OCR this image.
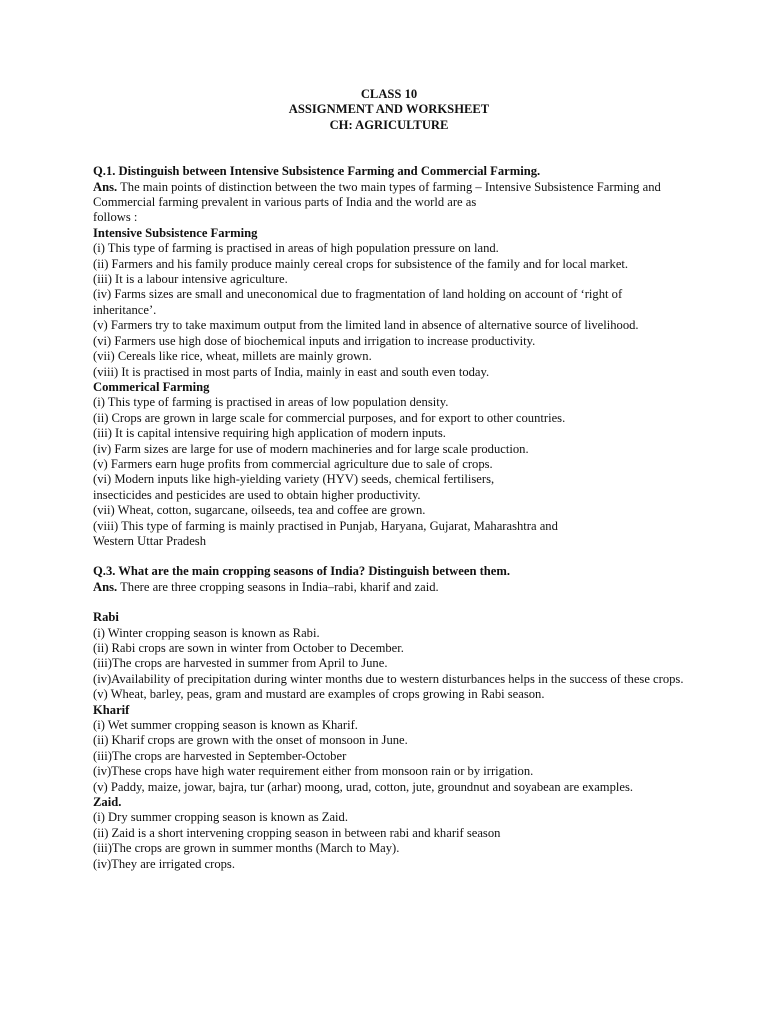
CLASS 10
ASSIGNMENT AND WORKSHEET
CH: AGRICULTURE
Q.1. Distinguish between Intensive Subsistence Farming and Commercial Farming.
Ans. The main points of distinction between the two main types of farming – Intensive Subsistence Farming and Commercial farming prevalent in various parts of India and the world are as
follows :
Intensive Subsistence Farming
(i) This type of farming is practised in areas of high population pressure on land.
(ii) Farmers and his family produce mainly cereal crops for subsistence of the family and for local market.
(iii) It is a labour intensive agriculture.
(iv) Farms sizes are small and uneconomical due to fragmentation of land holding on account of ‘right of inheritance’.
(v) Farmers try to take maximum output from the limited land in absence of alternative source of livelihood.
(vi) Farmers use high dose of biochemical inputs and irrigation to increase productivity.
(vii) Cereals like rice, wheat, millets are mainly grown.
(viii) It is practised in most parts of India, mainly in east and south even today.
Commerical Farming
(i) This type of farming is practised in areas of low population density.
(ii) Crops are grown in large scale for commercial purposes, and for export to other countries.
(iii) It is capital intensive requiring high application of modern inputs.
(iv) Farm sizes are large for use of modern machineries and for large scale production.
(v) Farmers earn huge profits from commercial agriculture due to sale of crops.
(vi) Modern inputs like high-yielding variety (HYV) seeds, chemical fertilisers,
insecticides and pesticides are used to obtain higher productivity.
(vii) Wheat, cotton, sugarcane, oilseeds, tea and coffee are grown.
(viii) This type of farming is mainly practised in Punjab, Haryana, Gujarat, Maharashtra and
Western Uttar Pradesh
Q.3. What are the main cropping seasons of India? Distinguish between them.
Ans. There are three cropping seasons in India–rabi, kharif and zaid.
Rabi
(i) Winter cropping season is known as Rabi.
(ii) Rabi crops are sown in winter from October to December.
(iii)The crops are harvested in summer from April to June.
(iv)Availability of precipitation during winter months due to western disturbances helps in the success of these crops.
(v) Wheat, barley, peas, gram and mustard are examples of crops growing in Rabi season.
Kharif
(i) Wet summer cropping season is known as Kharif.
(ii) Kharif crops are grown with the onset of monsoon in June.
(iii)The crops are harvested in September-October
(iv)These crops have high water requirement either from monsoon rain or by irrigation.
(v) Paddy, maize, jowar, bajra, tur (arhar) moong, urad, cotton, jute, groundnut and soyabean are examples.
Zaid.
(i) Dry summer cropping season is known as Zaid.
(ii) Zaid is a short intervening cropping season in between rabi and kharif season
(iii)The crops are grown in summer months (March to May).
(iv)They are irrigated crops.
